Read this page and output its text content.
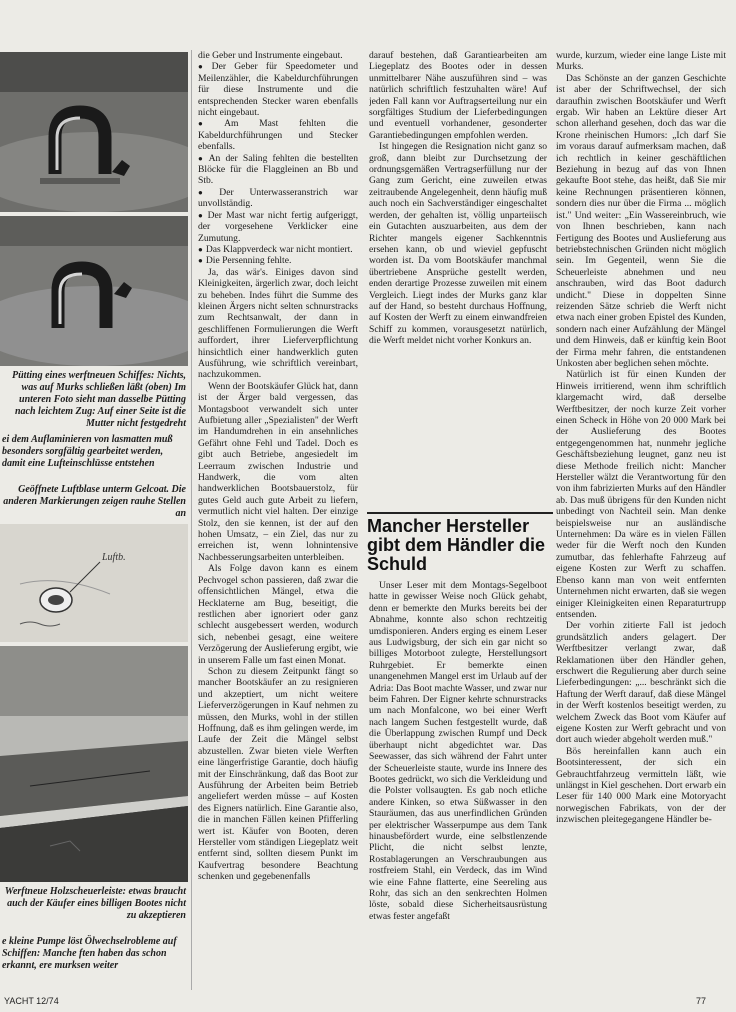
Pütting eines werftneuen Schiffes: Nichts, was auf Murks schließen läßt (oben) Im unteren Foto sieht man dasselbe Pütting nach leichtem Zug: Auf einer Seite ist die Mutter nicht festgedreht
ei dem Auflaminieren von lasmatten muß besonders sorgfältig gearbeitet werden, damit eine Lufteinschlüsse entstehen
Geöffnete Luftblase unterm Gelcoat. Die anderen Markierungen zeigen rauhe Stellen an
Luftb.
Werftneue Holzscheuerleiste: etwas braucht auch der Käufer eines billigen Bootes nicht zu akzeptieren
e kleine Pumpe löst Ölwechselrobleme auf Schiffen: Manche ften haben das schon erkannt, ere murksen weiter

die Geber und Instrumente eingebaut.

● Der Geber für Speedometer und Meilenzähler, die Kabeldurchführungen für diese Instrumente und die entsprechenden Stecker waren ebenfalls nicht eingebaut.

● Am Mast fehlten die Kabeldurchführungen und Stecker ebenfalls.

● An der Saling fehlten die bestellten Blöcke für die Flaggleinen an Bb und Stb.

● Der Unterwasseranstrich war unvollständig.

● Der Mast war nicht fertig aufgeriggt, der vorgesehene Verklicker eine Zumutung.

● Das Klappverdeck war nicht montiert.

● Die Persenning fehlte.

Ja, das wär's. Einiges davon sind Kleinigkeiten, ärgerlich zwar, doch leicht zu beheben. Indes führt die Summe des kleinen Ärgers nicht selten schnurstracks zum Rechtsanwalt, der dann in geschliffenen Formulierungen die Werft auffordert, ihrer Lieferverpflichtung hinsichtlich einer handwerklich guten Ausführung, wie schriftlich vereinbart, nachzukommen.

Wenn der Bootskäufer Glück hat, dann ist der Ärger bald vergessen, das Montagsboot verwandelt sich unter Aufbietung aller „Spezialisten" der Werft im Handumdrehen in ein ansehnliches Gefährt ohne Fehl und Tadel. Doch es gibt auch Betriebe, angesiedelt im Leerraum zwischen Industrie und Handwerk, die vom alten handwerklichen Bootsbauerstolz, für gutes Geld auch gute Arbeit zu liefern, vermutlich nicht viel halten. Der einzige Stolz, den sie kennen, ist der auf den hohen Umsatz, – ein Ziel, das nur zu erreichen ist, wenn lohnintensive Nachbesserungsarbeiten unterbleiben.

Als Folge davon kann es einem Pechvogel schon passieren, daß zwar die offensichtlichen Mängel, etwa die Hecklaterne am Bug, beseitigt, die restlichen aber ignoriert oder ganz schlecht ausgebessert werden, wodurch sich, nebenbei gesagt, eine weitere Verzögerung der Auslieferung ergibt, wie in unserem Falle um fast einen Monat.

Schon zu diesem Zeitpunkt fängt so mancher Bootskäufer an zu resignieren und akzeptiert, um nicht weitere Lieferverzögerungen in Kauf nehmen zu müssen, den Murks, wohl in der stillen Hoffnung, daß es ihm gelingen werde, im Laufe der Zeit die Mängel selbst abzustellen. Zwar bieten viele Werften eine längerfristige Garantie, doch häufig mit der Einschränkung, daß das Boot zur Ausführung der Arbeiten beim Betrieb angeliefert werden müsse – auf Kosten des Eigners natürlich. Eine Garantie also, die in manchen Fällen keinen Pfifferling wert ist. Käufer von Booten, deren Hersteller vom ständigen Liegeplatz weit entfernt sind, sollten diesem Punkt im Kaufvertrag besondere Beachtung schenken und gegebenenfalls

darauf bestehen, daß Garantiearbeiten am Liegeplatz des Bootes oder in dessen unmittelbarer Nähe auszuführen sind – was natürlich schriftlich festzuhalten wäre! Auf jeden Fall kann vor Auftragserteilung nur ein sorgfältiges Studium der Lieferbedingungen und eventuell vorhandener, gesonderter Garantiebedingungen empfohlen werden.

Ist hingegen die Resignation nicht ganz so groß, dann bleibt zur Durchsetzung der ordnungsgemäßen Vertragserfüllung nur der Gang zum Gericht, eine zuweilen etwas zeitraubende Angelegenheit, denn häufig muß auch noch ein Sachverständiger eingeschaltet werden, der gehalten ist, völlig unparteiisch ein Gutachten auszuarbeiten, aus dem der Richter mangels eigener Sachkenntnis ersehen kann, ob und wieviel gepfuscht worden ist. Da vom Bootskäufer manchmal übertriebene Ansprüche gestellt werden, enden derartige Prozesse zuweilen mit einem Vergleich. Liegt indes der Murks ganz klar auf der Hand, so besteht durchaus Hoffnung, auf Kosten der Werft zu einem einwandfreien Schiff zu kommen, vorausgesetzt natürlich, die Werft meldet nicht vorher Konkurs an.

Mancher Hersteller gibt dem Händler die Schuld

Unser Leser mit dem Montags-Segelboot hatte in gewisser Weise noch Glück gehabt, denn er bemerkte den Murks bereits bei der Abnahme, konnte also schon rechtzeitig umdisponieren. Anders erging es einem Leser aus Ludwigsburg, der sich ein gar nicht so billiges Motorboot zulegte, Herstellungsort Ruhrgebiet. Er bemerkte einen unangenehmen Mangel erst im Urlaub auf der Adria: Das Boot machte Wasser, und zwar nur beim Fahren. Der Eigner kehrte schnurstracks um nach Monfalcone, wo bei einer Werft nach langem Suchen festgestellt wurde, daß die Überlappung zwischen Rumpf und Deck überhaupt nicht abgedichtet war. Das Seewasser, das sich während der Fahrt unter der Scheuerleiste staute, wurde ins Innere des Bootes gedrückt, wo sich die Verkleidung und die Polster vollsaugten. Es gab noch etliche andere Kinken, so etwa Süßwasser in den Stauräumen, das aus unerfindlichen Gründen per elektrischer Wasserpumpe aus dem Tank hinausbefördert wurde, eine selbstlenzende Plicht, die nicht selbst lenzte, Rostablagerungen an Verschraubungen aus rostfreiem Stahl, ein Verdeck, das im Wind wie eine Fahne flatterte, eine Seereling aus Rohr, das sich an den senkrechten Holmen löste, sobald diese Sicherheitsausrüstung etwas fester angefaßt

wurde, kurzum, wieder eine lange Liste mit Murks.

Das Schönste an der ganzen Geschichte ist aber der Schriftwechsel, der sich daraufhin zwischen Bootskäufer und Werft ergab. Wir haben an Lektüre dieser Art schon allerhand gesehen, doch das war die Krone rheinischen Humors: „Ich darf Sie im voraus darauf aufmerksam machen, daß ich rechtlich in keiner geschäftlichen Beziehung in bezug auf das von Ihnen gekaufte Boot stehe, das heißt, daß Sie mir keine Rechnungen präsentieren können, sondern dies nur über die Firma ... möglich ist." Und weiter: „Ein Wassereinbruch, wie von Ihnen beschrieben, kann nach Fertigung des Bootes und Auslieferung aus betriebstechnischen Gründen nicht möglich sein. Im Gegenteil, wenn Sie die Scheuerleiste abnehmen und neu anschrauben, wird das Boot dadurch undicht." Diese in doppelten Sinne reizenden Sätze schrieb die Werft nicht etwa nach einer groben Epistel des Kunden, sondern nach einer Aufzählung der Mängel und dem Hinweis, daß er künftig kein Boot der Firma mehr fahren, die entstandenen Unkosten aber beglichen sehen möchte.

Natürlich ist für einen Kunden der Hinweis irritierend, wenn ihm schriftlich klargemacht wird, daß derselbe Werftbesitzer, der noch kurze Zeit vorher einen Scheck in Höhe von 20 000 Mark bei der Auslieferung des Bootes entgegengenommen hat, nunmehr jegliche Geschäftsbeziehung leugnet, ganz neu ist diese Methode freilich nicht: Mancher Hersteller wälzt die Verantwortung für den von ihm fabrizierten Murks auf den Händler ab. Das muß übrigens für den Kunden nicht unbedingt von Nachteil sein. Man denke beispielsweise nur an ausländische Unternehmen: Da wäre es in vielen Fällen weder für die Werft noch den Kunden zumutbar, das fehlerhafte Fahrzeug auf eigene Kosten zur Werft zu schaffen. Ebenso kann man von weit entfernten Unternehmen nicht erwarten, daß sie wegen einiger Kleinigkeiten einen Reparaturtrupp entsenden.

Der vorhin zitierte Fall ist jedoch grundsätzlich anders gelagert. Der Werftbesitzer verlangt zwar, daß Reklamationen über den Händler gehen, erschwert die Regulierung aber durch seine Lieferbedingungen: „... beschränkt sich die Haftung der Werft darauf, daß diese Mängel in der Werft kostenlos beseitigt werden, zu welchem Zweck das Boot vom Käufer auf eigene Kosten zur Werft gebracht und von dort auch wieder abgeholt werden muß."

Bös hereinfallen kann auch ein Bootsinteressent, der sich ein Gebrauchtfahrzeug vermitteln läßt, wie unlängst in Kiel geschehen. Dort erwarb ein Leser für 140 000 Mark eine Motoryacht norwegischen Fabrikats, von der der inzwischen pleitegegangene Händler be-

YACHT 12/74	77
